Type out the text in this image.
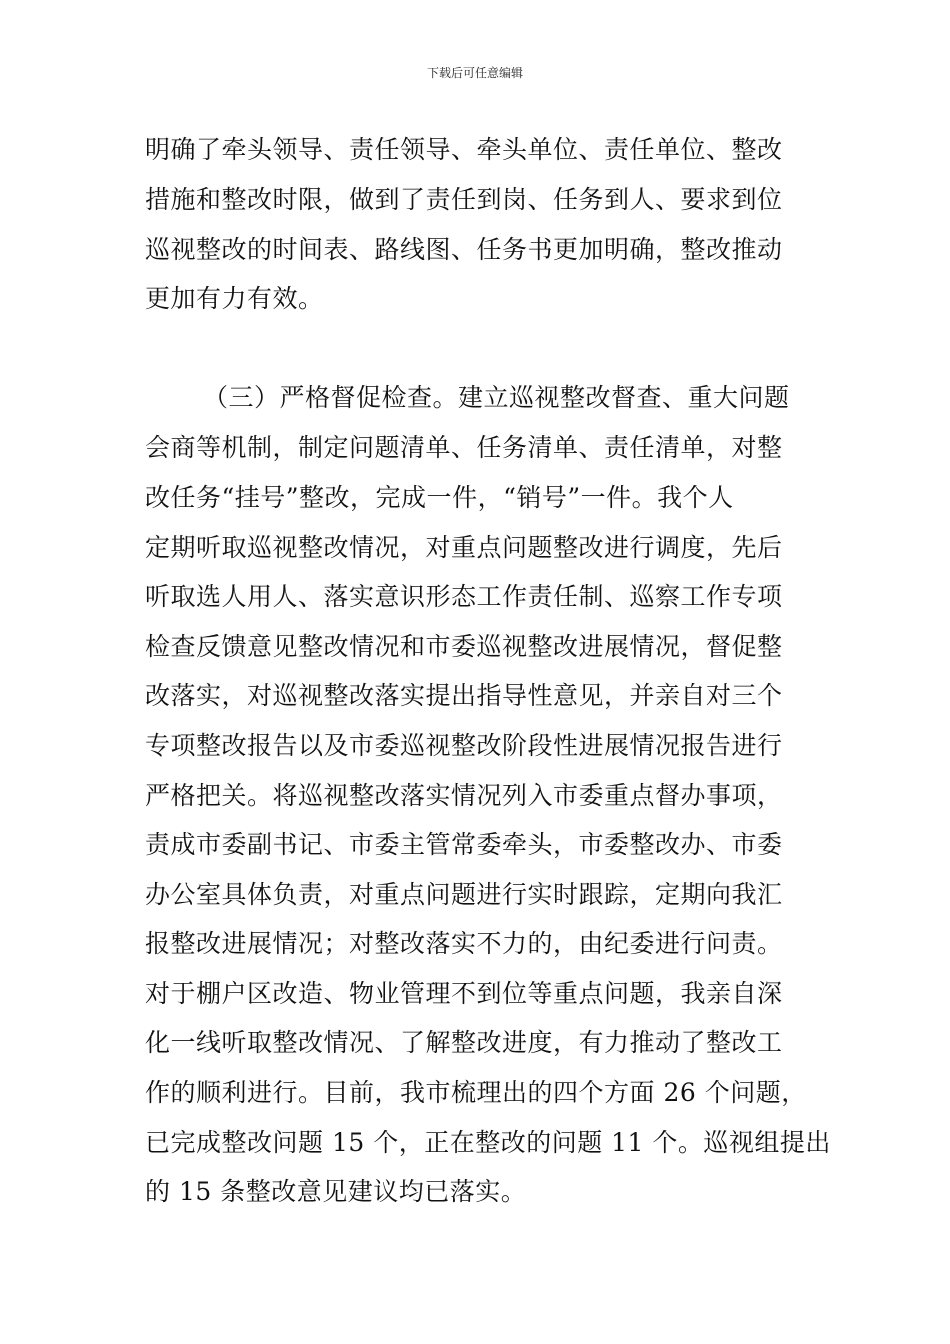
下载后可任意编辑
明确了牵头领导、责任领导、牵头单位、责任单位、整改
措施和整改时限，做到了责任到岗、任务到人、要求到位
巡视整改的时间表、路线图、任务书更加明确，整改推动
更加有力有效。
（三）严格督促检查。建立巡视整改督查、重大问题
会商等机制，制定问题清单、任务清单、责任清单，对整
改任务“挂号”整改，完成一件，“销号”一件。我个人
定期听取巡视整改情况，对重点问题整改进行调度，先后
听取选人用人、落实意识形态工作责任制、巡察工作专项
检查反馈意见整改情况和市委巡视整改进展情况，督促整
改落实，对巡视整改落实提出指导性意见，并亲自对三个
专项整改报告以及市委巡视整改阶段性进展情况报告进行
严格把关。将巡视整改落实情况列入市委重点督办事项，
责成市委副书记、市委主管常委牵头，市委整改办、市委
办公室具体负责，对重点问题进行实时跟踪，定期向我汇
报整改进展情况；对整改落实不力的，由纪委进行问责。
对于棚户区改造、物业管理不到位等重点问题，我亲自深
化一线听取整改情况、了解整改进度，有力推动了整改工
作的顺利进行。目前，我市梳理出的四个方面 26 个问题，
已完成整改问题 15 个，正在整改的问题 11 个。巡视组提出
的 15 条整改意见建议均已落实。
